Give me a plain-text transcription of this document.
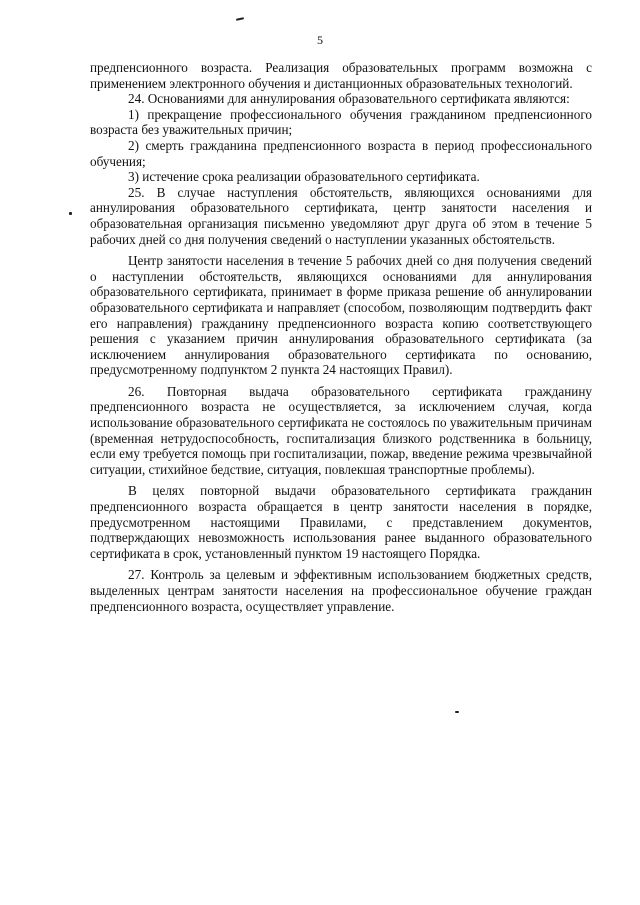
5

предпенсионного возраста. Реализация образовательных программ возможна с применением электронного обучения и дистанционных образовательных технологий.

24. Основаниями для аннулирования образовательного сертификата являются:

1) прекращение профессионального обучения гражданином предпенсионного возраста без уважительных причин;

2) смерть гражданина предпенсионного возраста в период профессионального обучения;

3) истечение срока реализации образовательного сертификата.

25. В случае наступления обстоятельств, являющихся основаниями для аннулирования образовательного сертификата, центр занятости населения и образовательная организация письменно уведомляют друг друга об этом в течение 5 рабочих дней со дня получения сведений о наступлении указанных обстоятельств.

Центр занятости населения в течение 5 рабочих дней со дня получения сведений о наступлении обстоятельств, являющихся основаниями для аннулирования образовательного сертификата, принимает в форме приказа решение об аннулировании образовательного сертификата и направляет (способом, позволяющим подтвердить факт его направления) гражданину предпенсионного возраста копию соответствующего решения с указанием причин аннулирования образовательного сертификата (за исключением аннулирования образовательного сертификата по основанию, предусмотренному подпунктом 2 пункта 24 настоящих Правил).

26. Повторная выдача образовательного сертификата гражданину предпенсионного возраста не осуществляется, за исключением случая, когда использование образовательного сертификата не состоялось по уважительным причинам (временная нетрудоспособность, госпитализация близкого родственника в больницу, если ему требуется помощь при госпитализации, пожар, введение режима чрезвычайной ситуации, стихийное бедствие, ситуация, повлекшая транспортные проблемы).

В целях повторной выдачи образовательного сертификата гражданин предпенсионного возраста обращается в центр занятости населения в порядке, предусмотренном настоящими Правилами, с представлением документов, подтверждающих невозможность использования ранее выданного образовательного сертификата в срок, установленный пунктом 19 настоящего Порядка.

27. Контроль за целевым и эффективным использованием бюджетных средств, выделенных центрам занятости населения на профессиональное обучение граждан предпенсионного возраста, осуществляет управление.
